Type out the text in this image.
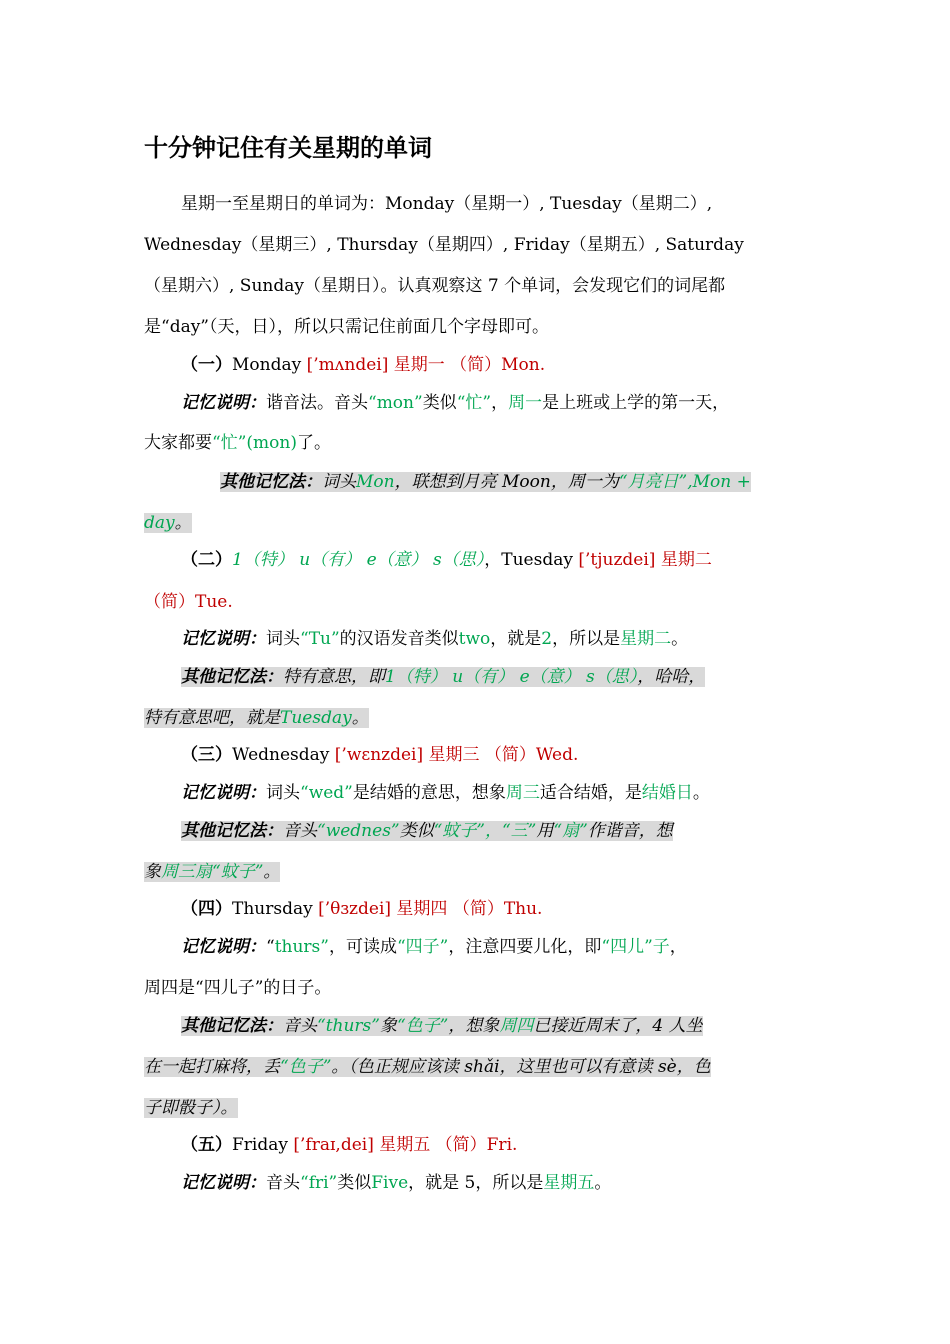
十分钟记住有关星期的单词
星期一至星期日的单词为：Monday（星期一）, Tuesday（星期二）,
Wednesday（星期三）, Thursday（星期四）, Friday（星期五）, Saturday
（星期六）, Sunday（星期日）。认真观察这 7 个单词，会发现它们的词尾都
是“day”（天，日），所以只需记住前面几个字母即可。
（一）Monday [’mʌndei] 星期一 （简）Mon.
记忆说明：谐音法。音头“mon”类似“忙”，周一是上班或上学的第一天，
大家都要“忙”(mon)了。
其他记忆法：词头Mon，联想到月亮 Moon，周一为“月亮日”,Mon +
day。
（二）1（特） u（有） e（意） s（思），Tuesday [’tjuzdei] 星期二
（简）Tue.
记忆说明：词头“Tu”的汉语发音类似two，就是2，所以是星期二。
其他记忆法：特有意思，即1（特） u（有） e（意） s（思），哈哈，
特有意思吧，就是Tuesday。
（三）Wednesday [’wɛnzdei] 星期三 （简）Wed.
记忆说明：词头“wed”是结婚的意思，想象周三适合结婚，是结婚日。
其他记忆法：音头“wednes”类似“蚊子”，“三”用“扇”作谐音，想
象周三扇“蚊子”。
（四）Thursday [’θɜzdei] 星期四 （简）Thu.
记忆说明：“thurs”，可读成“四子”，注意四要儿化，即“四儿”子，
周四是“四儿子”的日子。
其他记忆法：音头“thurs”象“色子”，想象周四已接近周末了，4 人坐
在一起打麻将，丢“色子”。（色正规应该读 shǎi，这里也可以有意读 sè，色
子即骰子）。
（五）Friday [’fraɪ,dei] 星期五 （简）Fri.
记忆说明：音头“fri”类似Five，就是 5，所以是星期五。
